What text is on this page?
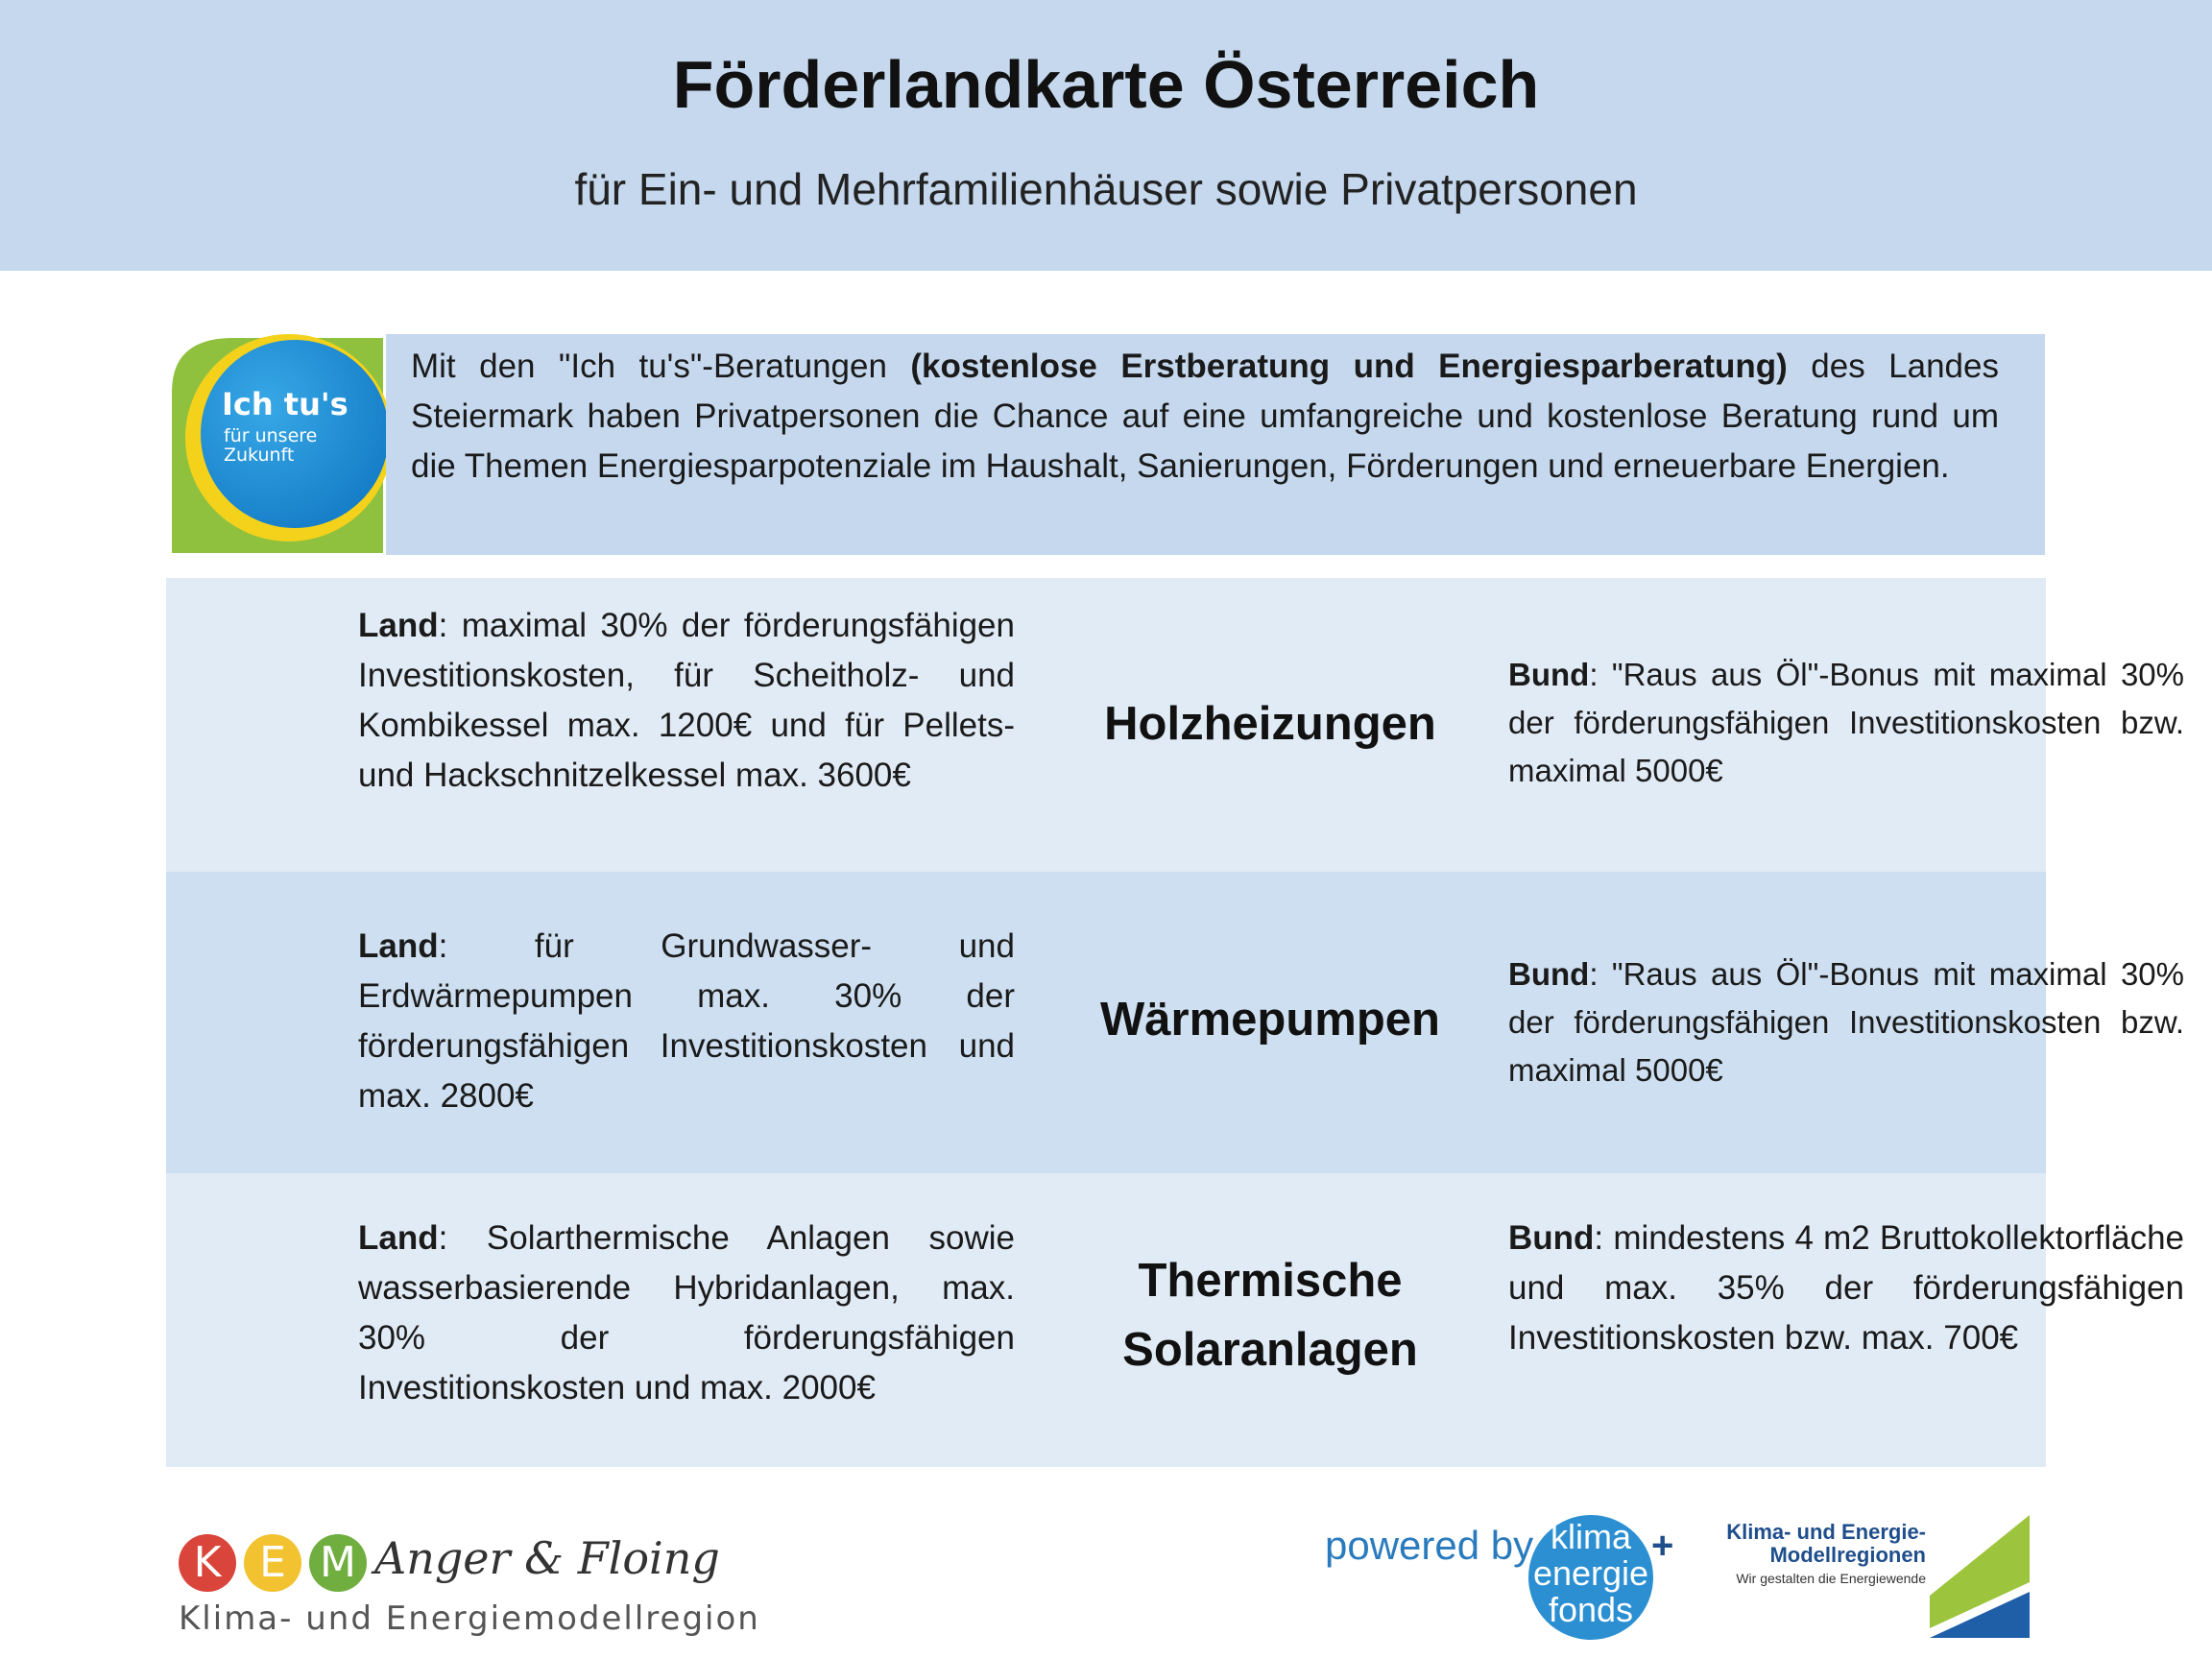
Förderlandkarte Österreich
für Ein- und Mehrfamilienhäuser sowie Privatpersonen
Ich tu's
für unsere
Zukunft
Mit den "Ich tu's"-Beratungen (kostenlose Erstberatung und Energiesparberatung) des Landes Steiermark haben Privatpersonen die Chance auf eine umfangreiche und kostenlose Beratung rund um die Themen Energiesparpotenziale im Haushalt, Sanierungen, Förderungen und erneuerbare Energien.
Land: maximal 30% der förderungsfähigen Investitionskosten, für Scheitholz- und Kombikessel max. 1200€ und für Pellets- und Hackschnitzelkessel max. 3600€
Holzheizungen
Bund: "Raus aus Öl"-Bonus mit maximal 30% der förderungsfähigen Investitionskosten bzw. maximal 5000€
Land: für Grundwasser- und Erdwärmepumpen max. 30% der förderungsfähigen Investitionskosten und max. 2800€
Wärmepumpen
Bund: "Raus aus Öl"-Bonus mit maximal 30% der förderungsfähigen Investitionskosten bzw. maximal 5000€
Land: Solarthermische Anlagen sowie wasserbasierende Hybridanlagen, max. 30% der förderungsfähigen Investitionskosten und max. 2000€
Thermische
Solaranlagen
Bund: mindestens 4 m2 Bruttokollektorfläche und max. 35% der förderungsfähigen Investitionskosten bzw. max. 700€
K E M Anger & Floing
Klima- und Energiemodellregion
powered by klima
energie
fonds
+	Klima- und Energie-
Modellregionen
Wir gestalten die Energiewende
